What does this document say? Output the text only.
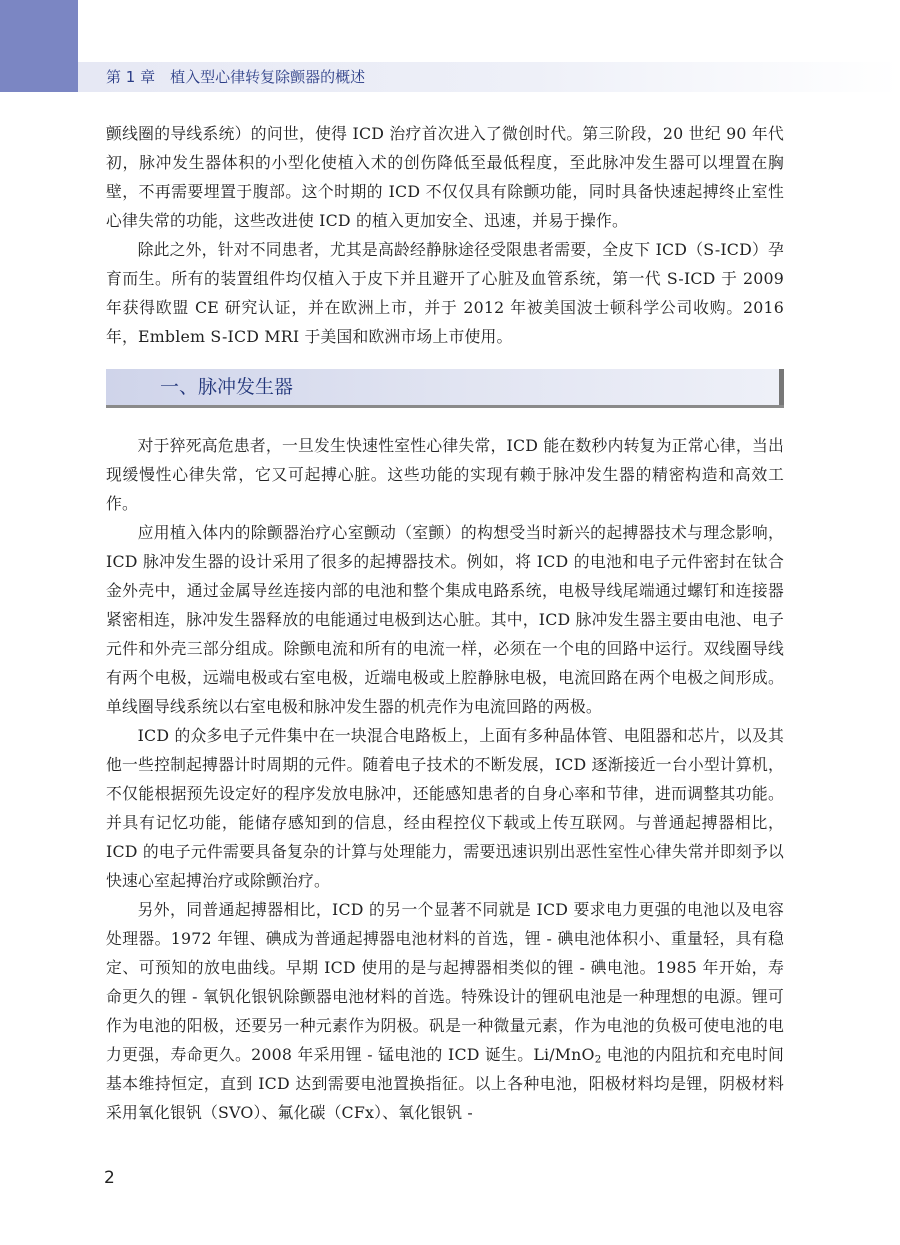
第 1 章　植入型心律转复除颤器的概述

颤线圈的导线系统）的问世，使得 ICD 治疗首次进入了微创时代。第三阶段，20 世纪 90 年代初，脉冲发生器体积的小型化使植入术的创伤降低至最低程度，至此脉冲发生器可以埋置在胸壁，不再需要埋置于腹部。这个时期的 ICD 不仅仅具有除颤功能，同时具备快速起搏终止室性心律失常的功能，这些改进使 ICD 的植入更加安全、迅速，并易于操作。

除此之外，针对不同患者，尤其是高龄经静脉途径受限患者需要，全皮下 ICD（S-ICD）孕育而生。所有的装置组件均仅植入于皮下并且避开了心脏及血管系统，第一代 S-ICD 于 2009 年获得欧盟 CE 研究认证，并在欧洲上市，并于 2012 年被美国波士顿科学公司收购。2016 年，Emblem S-ICD MRI 于美国和欧洲市场上市使用。

一、脉冲发生器

对于猝死高危患者，一旦发生快速性室性心律失常，ICD 能在数秒内转复为正常心律，当出现缓慢性心律失常，它又可起搏心脏。这些功能的实现有赖于脉冲发生器的精密构造和高效工作。

应用植入体内的除颤器治疗心室颤动（室颤）的构想受当时新兴的起搏器技术与理念影响，ICD 脉冲发生器的设计采用了很多的起搏器技术。例如，将 ICD 的电池和电子元件密封在钛合金外壳中，通过金属导丝连接内部的电池和整个集成电路系统，电极导线尾端通过螺钉和连接器紧密相连，脉冲发生器释放的电能通过电极到达心脏。其中，ICD 脉冲发生器主要由电池、电子元件和外壳三部分组成。除颤电流和所有的电流一样，必须在一个电的回路中运行。双线圈导线有两个电极，远端电极或右室电极，近端电极或上腔静脉电极，电流回路在两个电极之间形成。单线圈导线系统以右室电极和脉冲发生器的机壳作为电流回路的两极。

ICD 的众多电子元件集中在一块混合电路板上，上面有多种晶体管、电阻器和芯片，以及其他一些控制起搏器计时周期的元件。随着电子技术的不断发展，ICD 逐渐接近一台小型计算机，不仅能根据预先设定好的程序发放电脉冲，还能感知患者的自身心率和节律，进而调整其功能。并具有记忆功能，能储存感知到的信息，经由程控仪下载或上传互联网。与普通起搏器相比，ICD 的电子元件需要具备复杂的计算与处理能力，需要迅速识别出恶性室性心律失常并即刻予以快速心室起搏治疗或除颤治疗。

另外，同普通起搏器相比，ICD 的另一个显著不同就是 ICD 要求电力更强的电池以及电容处理器。1972 年锂、碘成为普通起搏器电池材料的首选，锂 - 碘电池体积小、重量轻，具有稳定、可预知的放电曲线。早期 ICD 使用的是与起搏器相类似的锂 - 碘电池。1985 年开始，寿命更久的锂 - 氧钒化银钒除颤器电池材料的首选。特殊设计的锂矾电池是一种理想的电源。锂可作为电池的阳极，还要另一种元素作为阴极。矾是一种微量元素，作为电池的负极可使电池的电力更强，寿命更久。2008 年采用锂 - 锰电池的 ICD 诞生。Li/MnO$_2$ 电池的内阻抗和充电时间基本维持恒定，直到 ICD 达到需要电池置换指征。以上各种电池，阳极材料均是锂，阴极材料采用氧化银钒（SVO）、氟化碳（CFx）、氧化银钒 -

2
